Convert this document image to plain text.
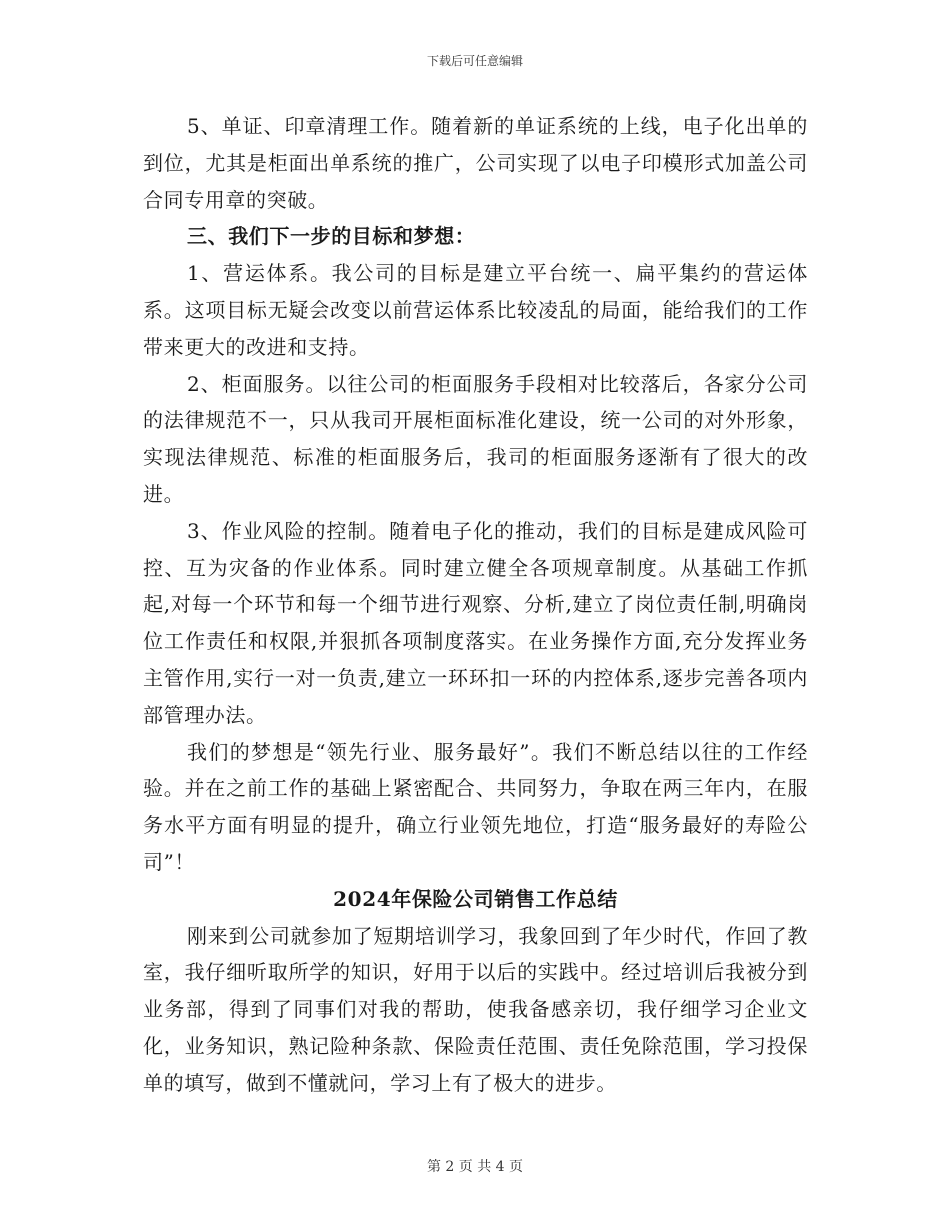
下载后可任意编辑

5、单证、印章清理工作。随着新的单证系统的上线，电子化出单的到位，尤其是柜面出单系统的推广，公司实现了以电子印模形式加盖公司合同专用章的突破。

三、我们下一步的目标和梦想：

1、营运体系。我公司的目标是建立平台统一、扁平集约的营运体系。这项目标无疑会改变以前营运体系比较凌乱的局面，能给我们的工作带来更大的改进和支持。

2、柜面服务。以往公司的柜面服务手段相对比较落后，各家分公司的法律规范不一，只从我司开展柜面标准化建设，统一公司的对外形象，实现法律规范、标准的柜面服务后，我司的柜面服务逐渐有了很大的改进。

3、作业风险的控制。随着电子化的推动，我们的目标是建成风险可控、互为灾备的作业体系。同时建立健全各项规章制度。从基础工作抓起,对每一个环节和每一个细节进行观察、分析,建立了岗位责任制,明确岗位工作责任和权限,并狠抓各项制度落实。在业务操作方面,充分发挥业务主管作用,实行一对一负责,建立一环环扣一环的内控体系,逐步完善各项内部管理办法。

我们的梦想是“领先行业、服务最好”。我们不断总结以往的工作经验。并在之前工作的基础上紧密配合、共同努力，争取在两三年内，在服务水平方面有明显的提升，确立行业领先地位，打造“服务最好的寿险公司”！

2024年保险公司销售工作总结

刚来到公司就参加了短期培训学习，我象回到了年少时代，作回了教室，我仔细听取所学的知识，好用于以后的实践中。经过培训后我被分到业务部，得到了同事们对我的帮助，使我备感亲切，我仔细学习企业文化，业务知识，熟记险种条款、保险责任范围、责任免除范围，学习投保单的填写，做到不懂就问，学习上有了极大的进步。

第 2 页 共 4 页
